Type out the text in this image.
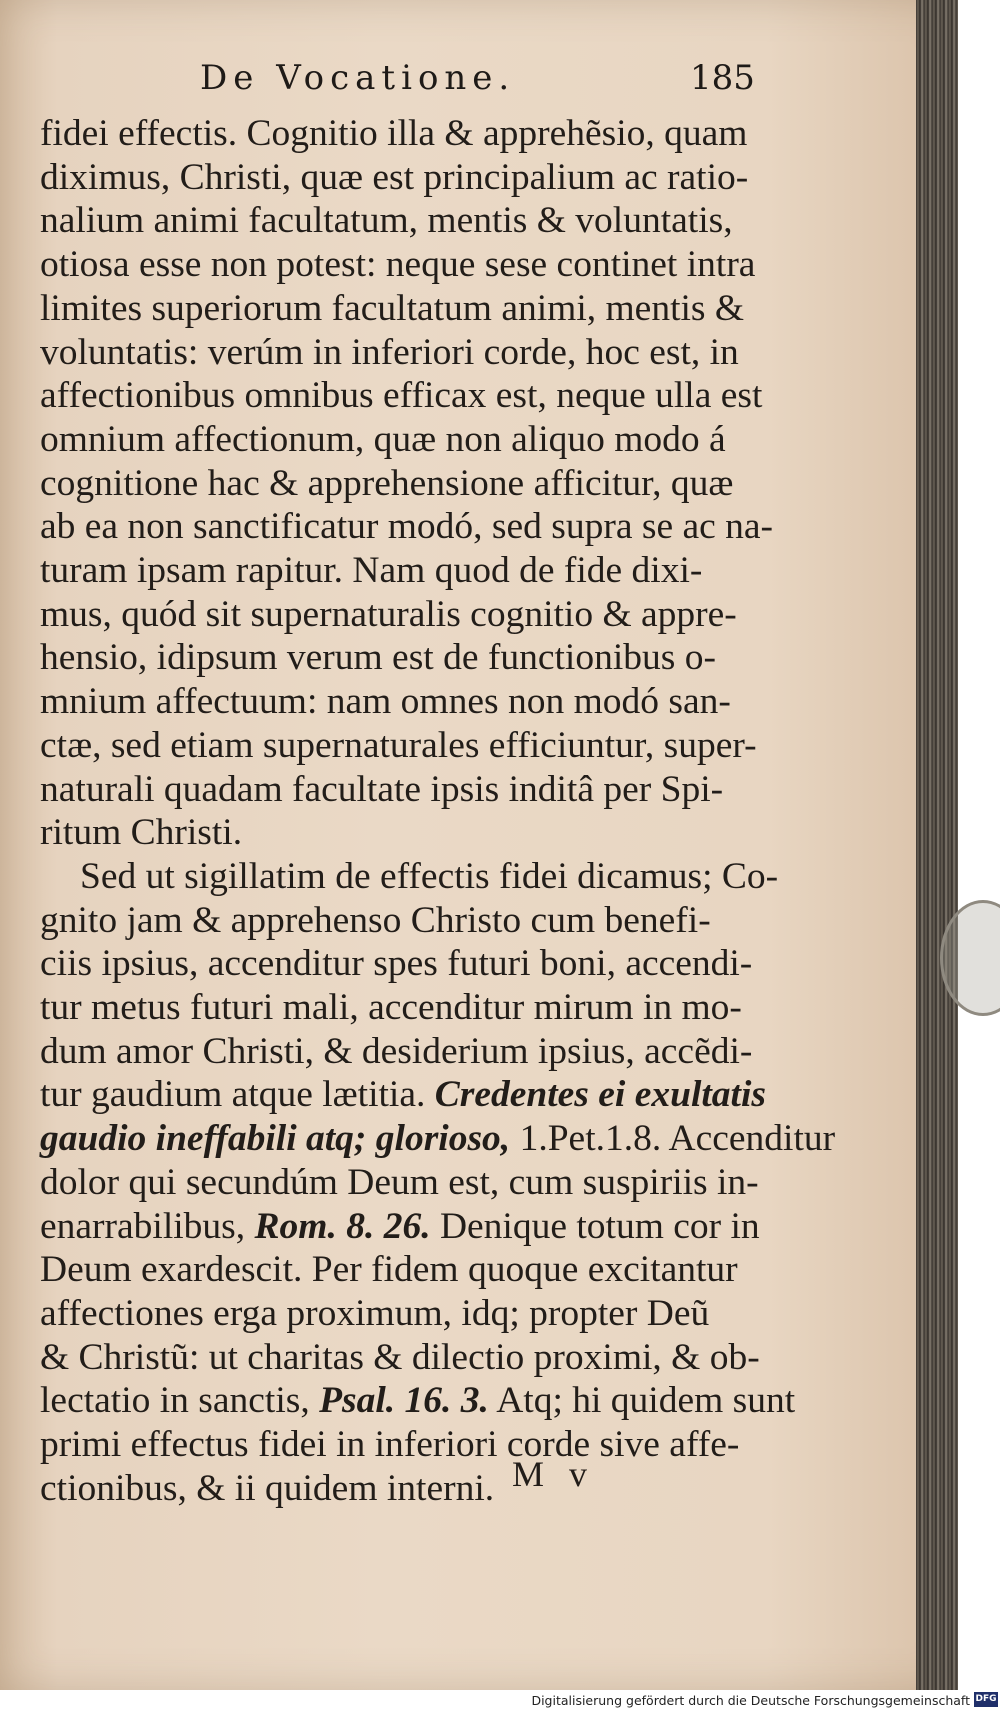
De Vocatione.	185
fidei effectis. Cognitio illa & apprehẽsio, quam
diximus, Christi, quæ est principalium ac ratio-
nalium animi facultatum, mentis & voluntatis,
otiosa esse non potest: neque sese continet intra
limites superiorum facultatum animi, mentis &
voluntatis: verúm in inferiori corde, hoc est, in
affectionibus omnibus efficax est, neque ulla est
omnium affectionum, quæ non aliquo modo á
cognitione hac & apprehensione afficitur, quæ
ab ea non sanctificatur modó, sed supra se ac na-
turam ipsam rapitur. Nam quod de fide dixi-
mus, quód sit supernaturalis cognitio & appre-
hensio, idipsum verum est de functionibus o-
mnium affectuum: nam omnes non modó san-
ctæ, sed etiam supernaturales efficiuntur, super-
naturali quadam facultate ipsis inditâ per Spi-
ritum Christi.
Sed ut sigillatim de effectis fidei dicamus; Co-
gnito jam & apprehenso Christo cum benefi-
ciis ipsius, accenditur spes futuri boni, accendi-
tur metus futuri mali, accenditur mirum in mo-
dum amor Christi, & desiderium ipsius, accẽdi-
tur gaudium atque lætitia. Credentes ei exultatis
gaudio ineffabili atq; glorioso, 1.Pet.1.8. Accenditur
dolor qui secundúm Deum est, cum suspiriis in-
enarrabilibus, Rom. 8. 26. Denique totum cor in
Deum exardescit. Per fidem quoque excitantur
affectiones erga proximum, idq; propter Deũ
& Christũ: ut charitas & dilectio proximi, & ob-
lectatio in sanctis, Psal. 16. 3. Atq; hi quidem sunt
primi effectus fidei in inferiori corde sive affe-
ctionibus, & ii quidem interni. M v
Digitalisierung gefördert durch die Deutsche Forschungsgemeinschaft DFG
